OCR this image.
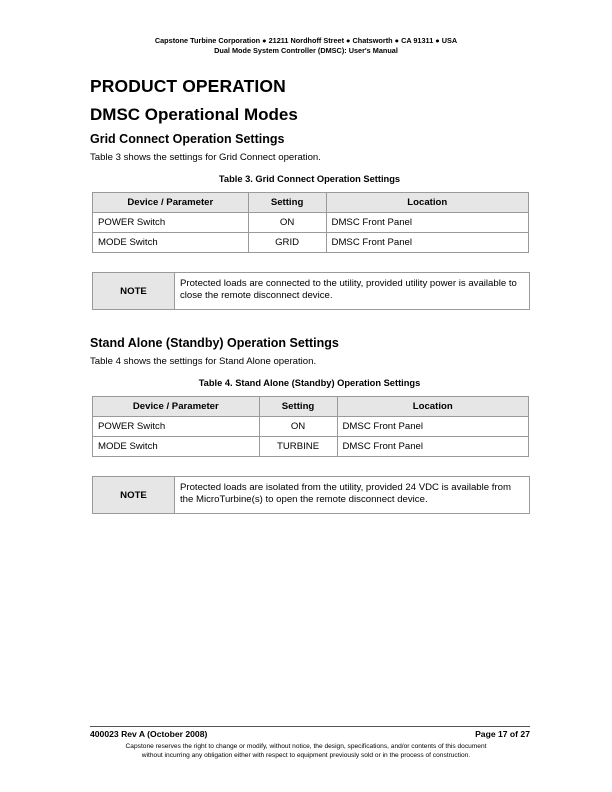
Capstone Turbine Corporation ● 21211 Nordhoff Street ● Chatsworth ● CA 91311 ● USA
Dual Mode System Controller (DMSC): User's Manual
PRODUCT OPERATION
DMSC Operational Modes
Grid Connect Operation Settings
Table 3 shows the settings for Grid Connect operation.
Table 3. Grid Connect Operation Settings
Device / Parameter	Setting	Location
POWER Switch	ON	DMSC Front Panel
MODE Switch	GRID	DMSC Front Panel
NOTE
Protected loads are connected to the utility, provided utility power is available to close the remote disconnect device.
Stand Alone (Standby) Operation Settings
Table 4 shows the settings for Stand Alone operation.
Table 4. Stand Alone (Standby) Operation Settings
Device / Parameter	Setting	Location
POWER Switch	ON	DMSC Front Panel
MODE Switch	TURBINE	DMSC Front Panel
NOTE
Protected loads are isolated from the utility, provided 24 VDC is available from the MicroTurbine(s) to open the remote disconnect device.
400023 Rev A (October 2008)	Page 17 of 27
Capstone reserves the right to change or modify, without notice, the design, specifications, and/or contents of this document
without incurring any obligation either with respect to equipment previously sold or in the process of construction.
